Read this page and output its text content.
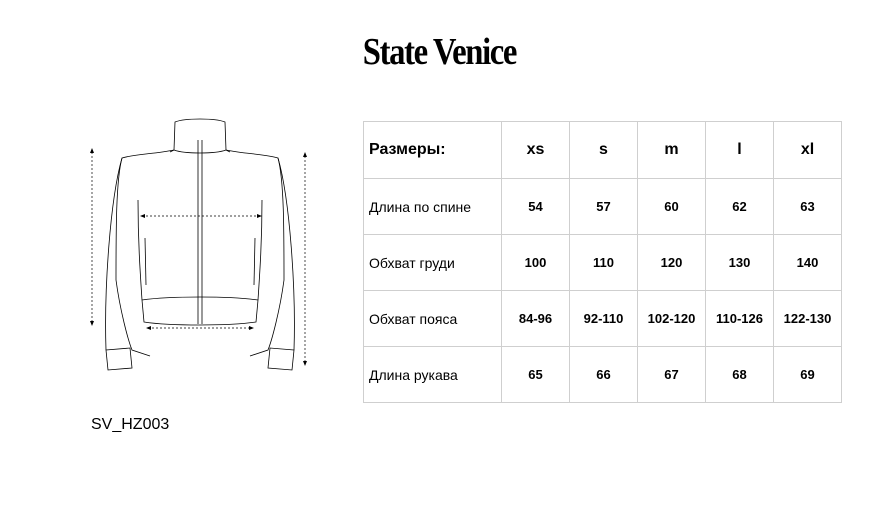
State Venice
SV_HZ003
Размеры:	xs	s	m	l	xl
Длина по спине	54	57	60	62	63
Обхват груди	100	110	120	130	140
Обхват пояса	84-96	92-110	102-120	110-126	122-130
Длина рукава	65	66	67	68	69
